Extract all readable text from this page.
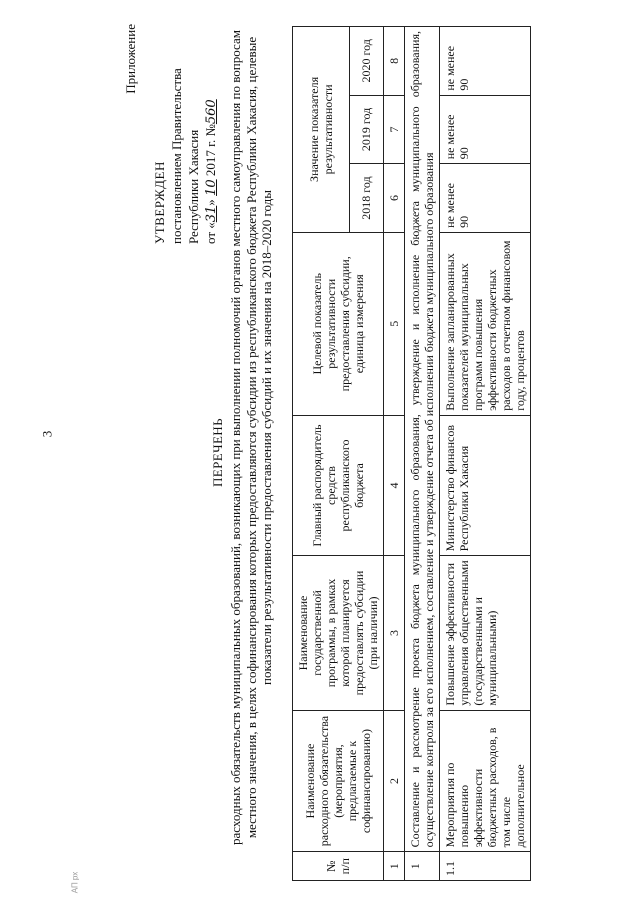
3
АП рх
Приложение
УТВЕРЖДЕН постановлением Правительства Республики Хакасия от «31» 10 2017 г. №560
ПЕРЕЧЕНЬ расходных обязательств муниципальных образований, возникающих при выполнении полномочий органов местного самоуправления по вопросам местного значения, в целях софинансирования которых предоставляются субсидии из республиканского бюджета Республики Хакасия, целевые показатели результативности предоставления субсидий и их значения на 2018–2020 годы
№ п/п	Наименование расходного обязательства (мероприятия, предлагаемые к софинансированию)	Наименование государственной программы, в рамках которой планируется предоставлять субсидии (при наличии)	Главный распорядитель средств республиканского бюджета	Целевой показатель результативности предоставления субсидии, единица измерения	Значение показателя результативности		
					2018 год	2019 год	2020 год
1	2	3	4	5	6	7	8
1	Составление и рассмотрение проекта бюджета муниципального образования, утверждение и исполнение бюджета муниципального образования, осуществление контроля за его исполнением, составление и утверждение отчета об исполнении бюджета муниципального образования						
1.1	Мероприятия по повышению эффективности бюджетных расходов, в том числе дополнительное	Повышение эффективности управления общественными (государственными и муниципальными)	Министерство финансов Республики Хакасия	Выполнение запланированных показателей муниципальных программ повышения эффективности бюджетных расходов в отчетном финансовом году, процентов	не менее 90	не менее 90	не менее 90
